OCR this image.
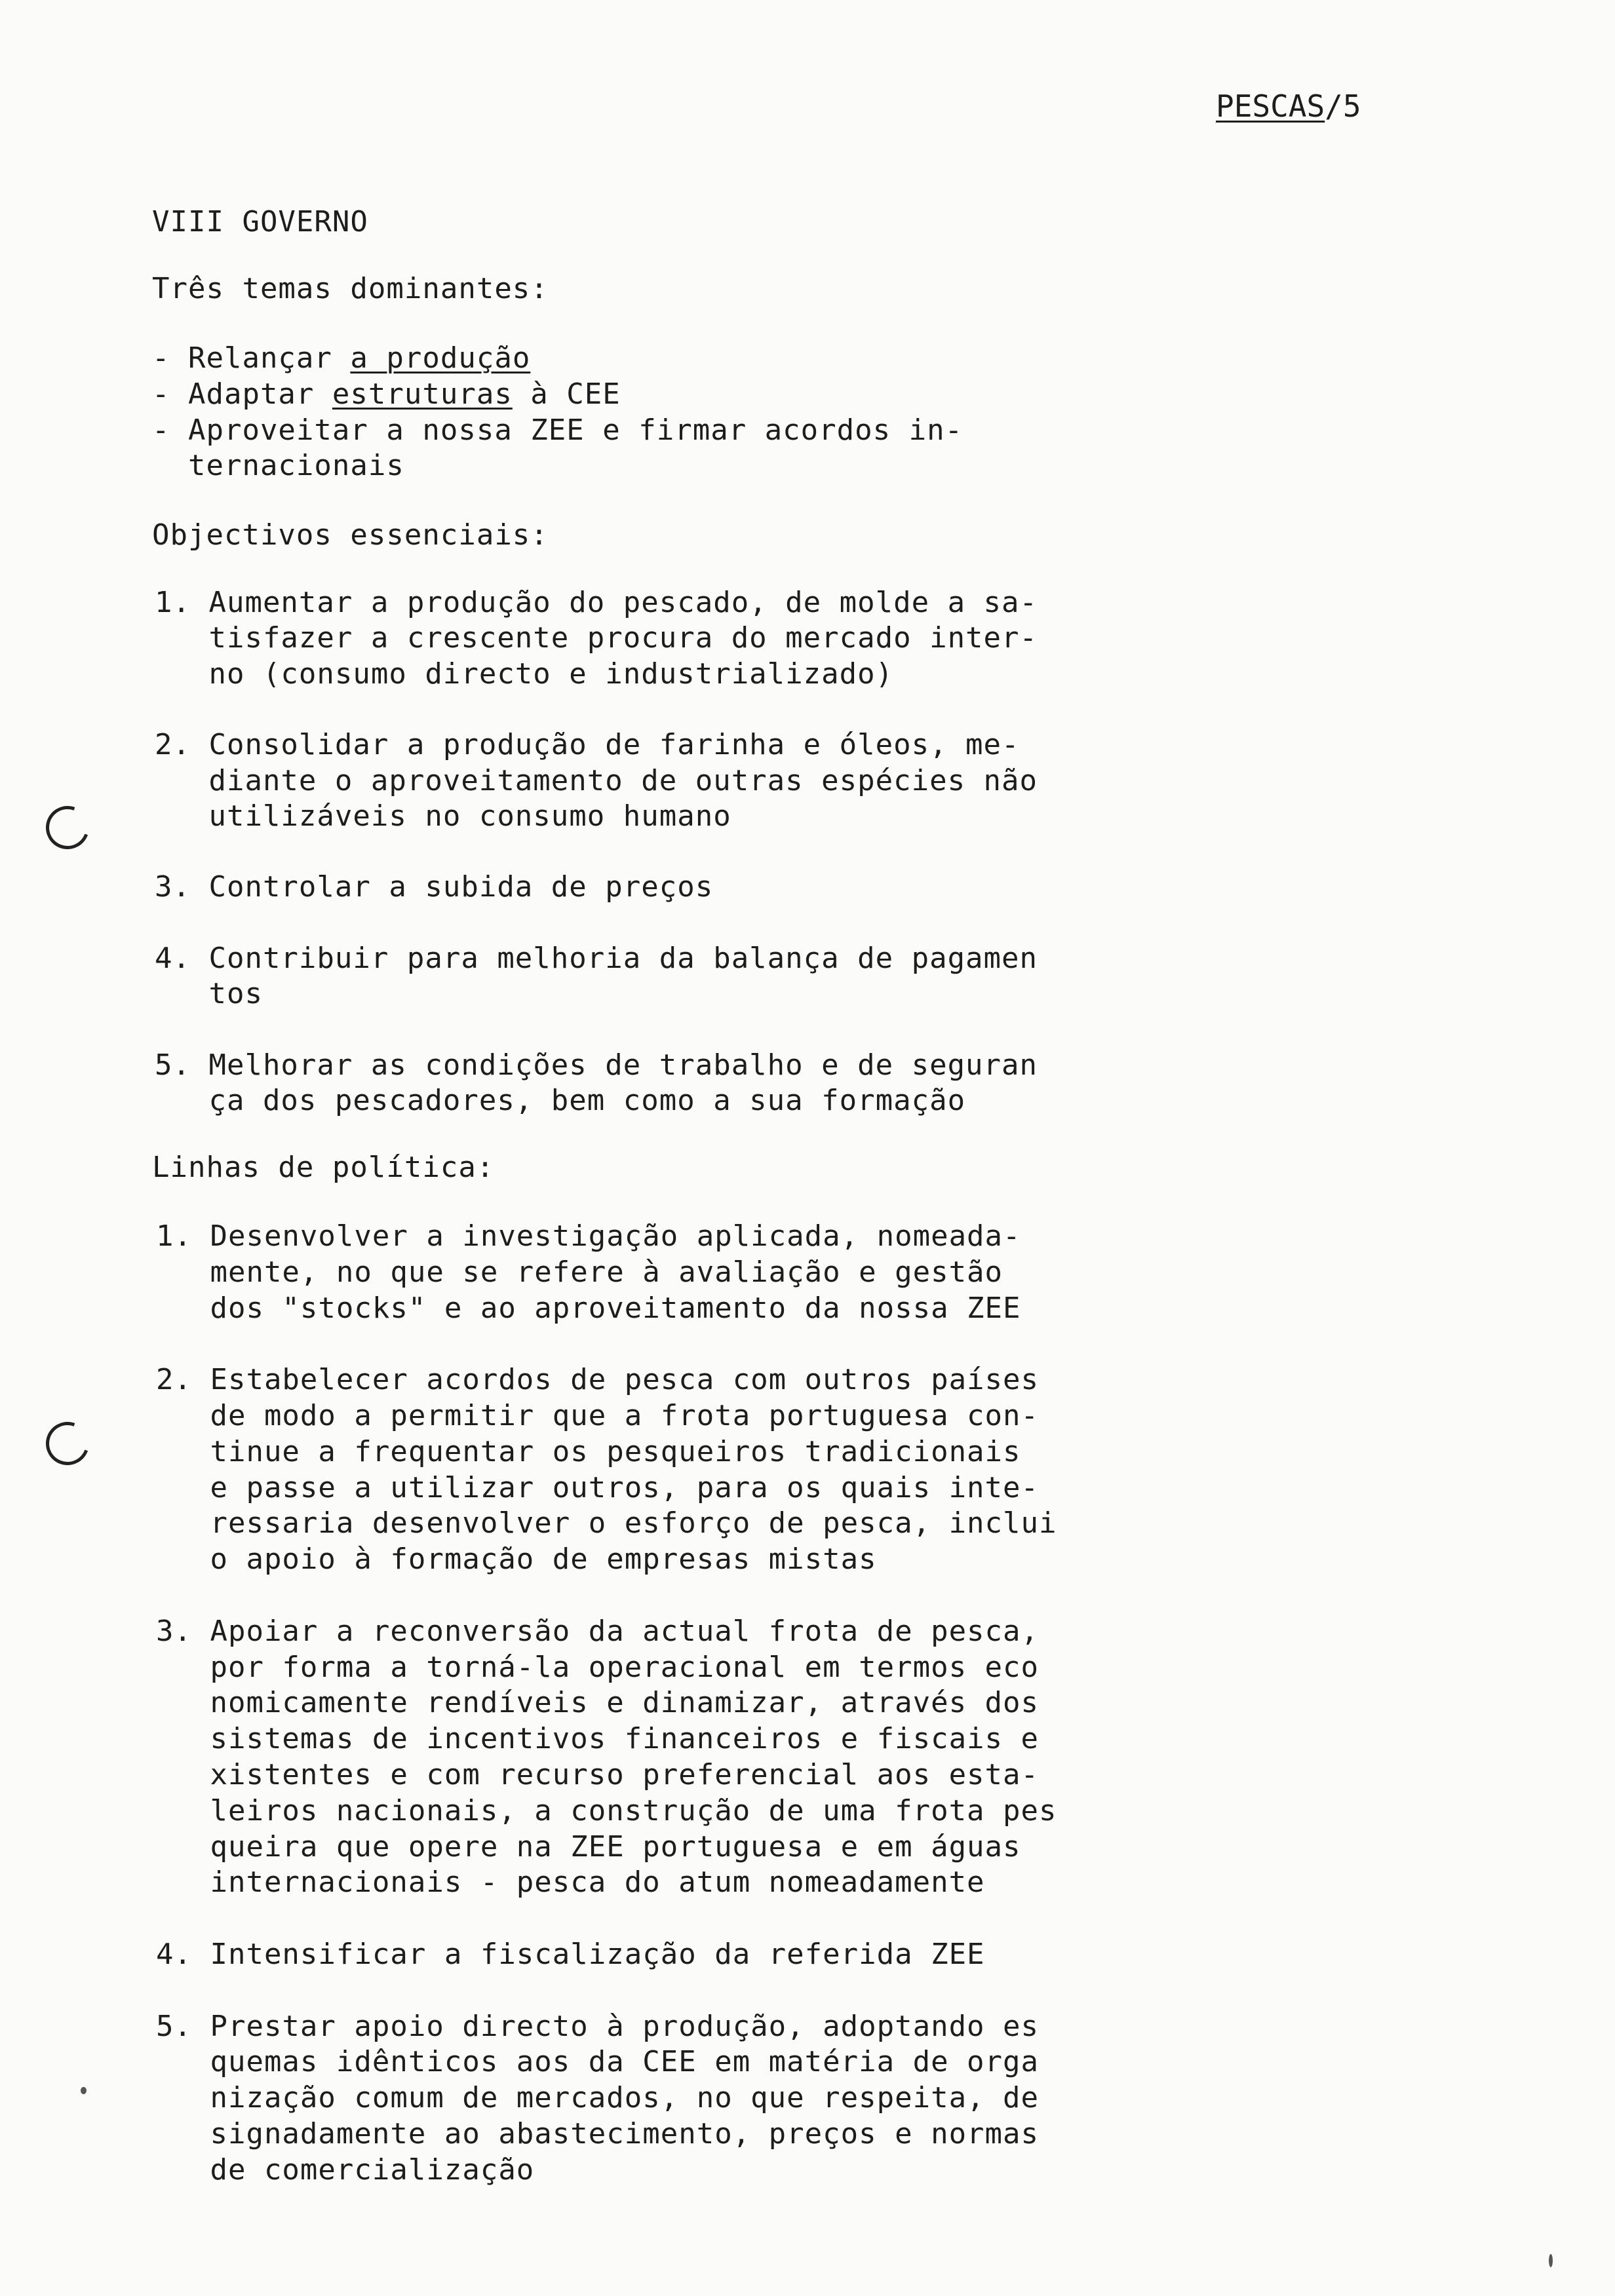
PESCAS/5
VIII GOVERNO
Três temas dominantes:
- Relançar a produção
- Adaptar estruturas à CEE
- Aproveitar a nossa ZEE e firmar acordos in-
ternacionais
Objectivos essenciais:
1. Aumentar a produção do pescado, de molde a sa-
tisfazer a crescente procura do mercado inter-
no (consumo directo e industrializado)
2. Consolidar a produção de farinha e óleos, me-
diante o aproveitamento de outras espécies não
utilizáveis no consumo humano
3. Controlar a subida de preços
4. Contribuir para melhoria da balança de pagamen
tos
5. Melhorar as condições de trabalho e de seguran
ça dos pescadores, bem como a sua formação
Linhas de política:
1. Desenvolver a investigação aplicada, nomeada-
mente, no que se refere à avaliação e gestão
dos "stocks" e ao aproveitamento da nossa ZEE
2. Estabelecer acordos de pesca com outros países
de modo a permitir que a frota portuguesa con-
tinue a frequentar os pesqueiros tradicionais
e passe a utilizar outros, para os quais inte-
ressaria desenvolver o esforço de pesca, inclui
o apoio à formação de empresas mistas
3. Apoiar a reconversão da actual frota de pesca,
por forma a torná-la operacional em termos eco
nomicamente rendíveis e dinamizar, através dos
sistemas de incentivos financeiros e fiscais e
xistentes e com recurso preferencial aos esta-
leiros nacionais, a construção de uma frota pes
queira que opere na ZEE portuguesa e em águas
internacionais - pesca do atum nomeadamente
4. Intensificar a fiscalização da referida ZEE
5. Prestar apoio directo à produção, adoptando es
quemas idênticos aos da CEE em matéria de orga
nização comum de mercados, no que respeita, de
signadamente ao abastecimento, preços e normas
de comercialização
